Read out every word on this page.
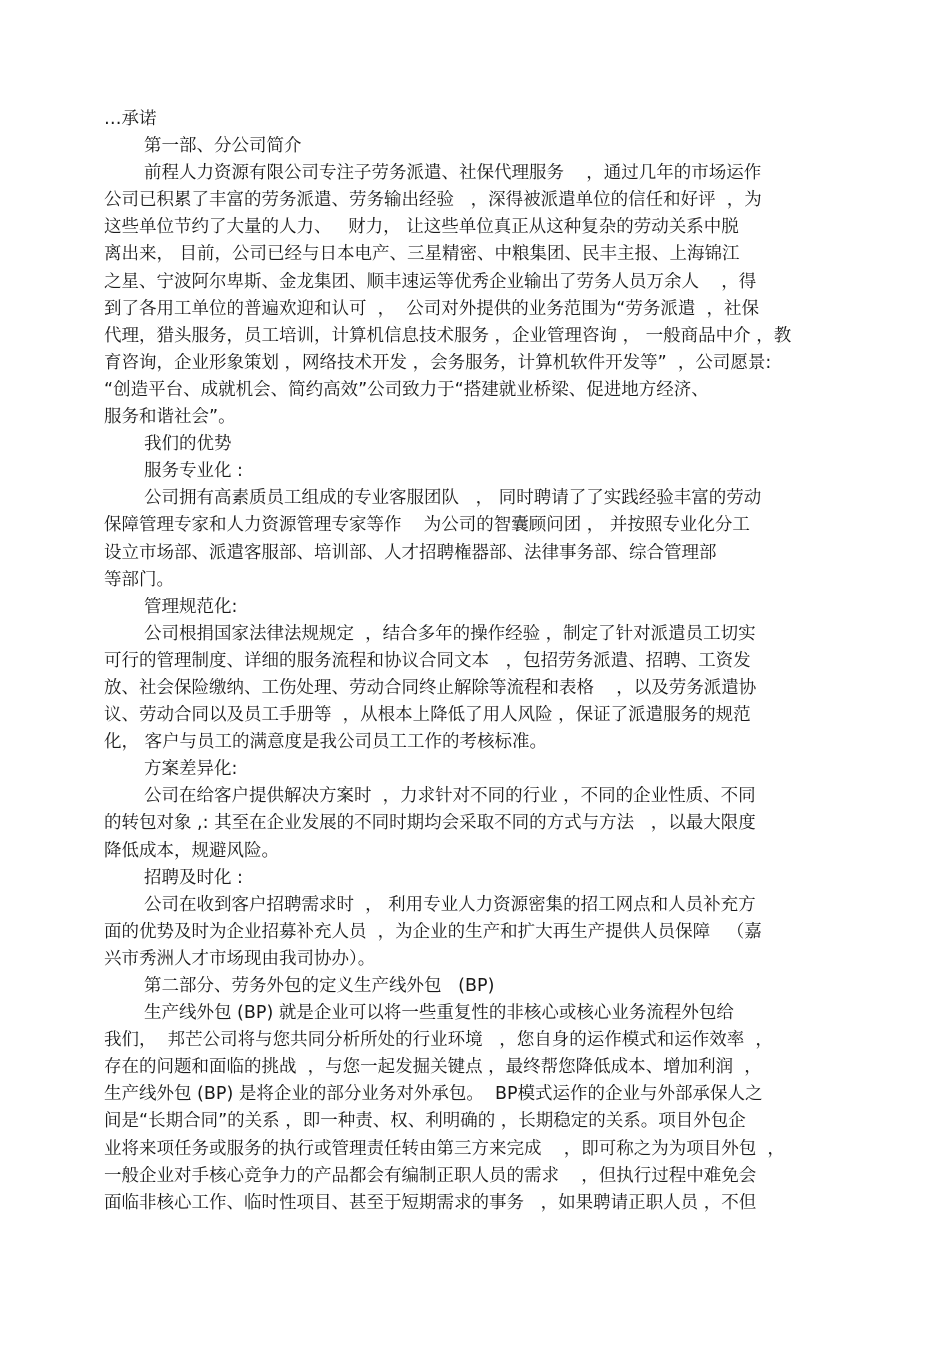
…承诺
第一部、分公司简介
前程人力资源有限公司专注子劳务派遣、社保代理服务    ，通过几年的市场运作
公司已积累了丰富的劳务派遣、劳务输出经验   ，深得被派遣单位的信任和好评  ，为
这些单位节约了大量的人力、   财力， 让这些单位真正从这种复杂的劳动关系中脱
离出来， 目前，公司已经与日本电产、三星精密、中粮集团、民丰主报、上海锦江
之星、宁波阿尔卑斯、金龙集团、顺丰速运等优秀企业输出了劳务人员万余人    ，得
到了各用工单位的普遍欢迎和认可  ，  公司对外提供的业务范围为“劳务派遣  ，社保
代理，猎头服务，员工培训，计算机信息技术服务 ，企业管理咨询 ， 一般商品中介 ，教
育咨询，企业形象策划 ，网络技术开发 ，会务服务，计算机软件开发等”  ，公司愿景:
“创造平台、成就机会、简约高效”公司致力于“搭建就业桥梁、促进地方经济、
服务和谐社会”。
我们的优势
服务专业化 :
公司拥有高素质员工组成的专业客服团队   ， 同时聘请了了实践经验丰富的劳动
保障管理专家和人力资源管理专家等作    为公司的智囊顾问团 ， 并按照专业化分工
设立市场部、派遣客服部、培训部、人才招聘権器部、法律事务部、综合管理部
等部门。
管理规范化:
公司根捐国家法律法规规定  ，结合多年的操作经验 ，制定了针对派遣员工切实
可行的管理制度、详细的服务流程和协议合同文本   ，包招劳务派遣、招聘、工资发
放、社会保险缴纳、工伤处理、劳动合同终止解除等流程和表格    ，以及劳务派遣协
议、劳动合同以及员工手册等  ，从根本上降低了用人风险 ，保证了派遣服务的规范
化， 客户与员工的满意度是我公司员工工作的考核标准。
方案差异化:
公司在给客户提供解决方案时  ，力求针对不同的行业 ，不同的企业性质、不同
的转包对象 ,: 其至在企业发展的不同时期均会采取不同的方式与方法   ，以最大限度
降低成本，规避风险。
招聘及时化 :
公司在收到客户招聘需求时  ， 利用专业人力资源密集的招工网点和人员补充方
面的优势及时为企业招募补充人员  ，为企业的生产和扩大再生产提供人员保障   （嘉
兴市秀洲人才市场现由我司协办）。
第二部分、劳务外包的定义生产线外包   (BP)
生产线外包 (BP) 就是企业可以将一些重复性的非核心或核心业务流程外包给
我们，  邦芒公司将与您共同分析所处的行业环境   ，您自身的运作模式和运作效率  ，
存在的问题和面临的挑战  ，与您一起发掘关键点 ，最终帮您降低成本、增加利润  ，
生产线外包 (BP) 是将企业的部分业务对外承包。  BP模式运作的企业与外部承保人之
间是“长期合同”的关系 ，即一种责、权、利明确的 ，长期稳定的关系。项目外包企
业将来项任务或服务的执行或管理责任转由第三方来完成    ，即可称之为为项目外包  ，
一般企业对手核心竞争力的产品都会有编制正职人员的需求    ，但执行过程中难免会
面临非核心工作、临时性项目、甚至于短期需求的事务   ，如果聘请正职人员 ，不但
